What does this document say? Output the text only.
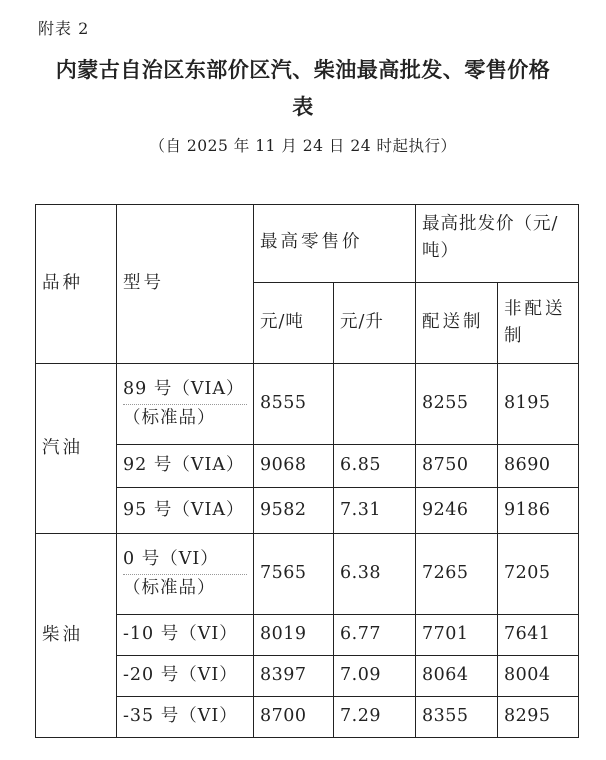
附表 2
内蒙古自治区东部价区汽、柴油最高批发、零售价格
表
（自 2025 年 11 月 24 日 24 时起执行）
品种	型号	最高零售价		最高批发价（元/吨）	
		元/吨	元/升	配送制	非配送制
汽油	89 号（VIA）
（标准品）	8555		8255	8195
	92 号（VIA）	9068	6.85	8750	8690
	95 号（VIA）	9582	7.31	9246	9186
柴油	0 号（VI）
（标准品）	7565	6.38	7265	7205
	-10 号（VI）	8019	6.77	7701	7641
	-20 号（VI）	8397	7.09	8064	8004
	-35 号（VI）	8700	7.29	8355	8295
